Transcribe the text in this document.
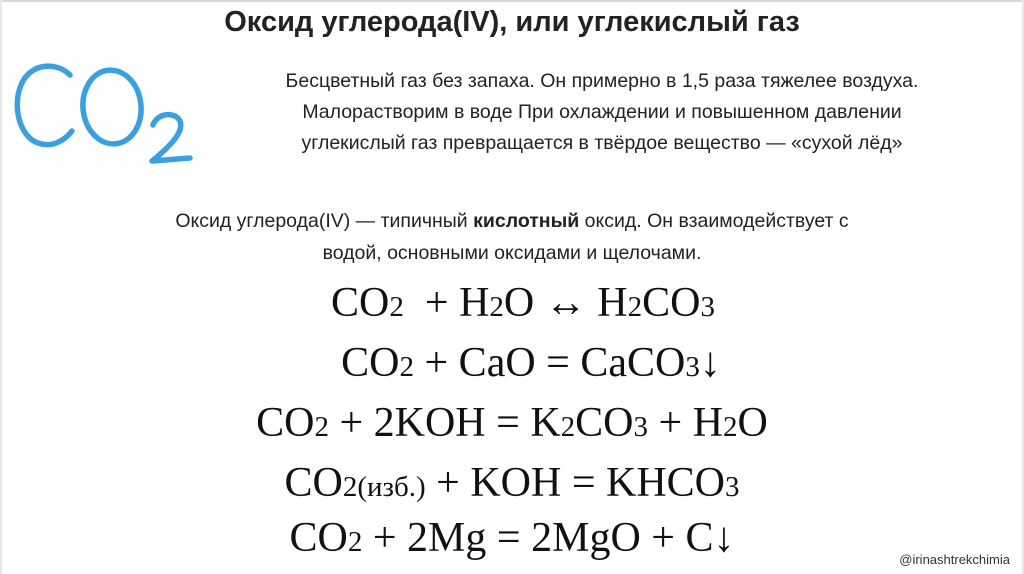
Оксид углерода(IV), или углекислый газ
Бесцветный газ без запаха. Он примерно в 1,5 раза тяжелее воздуха.
Малорастворим в воде При охлаждении и повышенном давлении
углекислый газ превращается в твёрдое вещество — «сухой лёд»
Оксид углерода(IV) — типичный кислотный оксид. Он взаимодействует с
водой, основными оксидами и щелочами.
CO2  + H2O ↔ H2CO3
CO2 + CaO = CaCO3↓
CO2 + 2KOH = K2CO3 + H2O
CO2(изб.) + KOH = KHCO3
CO2 + 2Mg = 2MgO + C↓	@irinashtrekchimia
